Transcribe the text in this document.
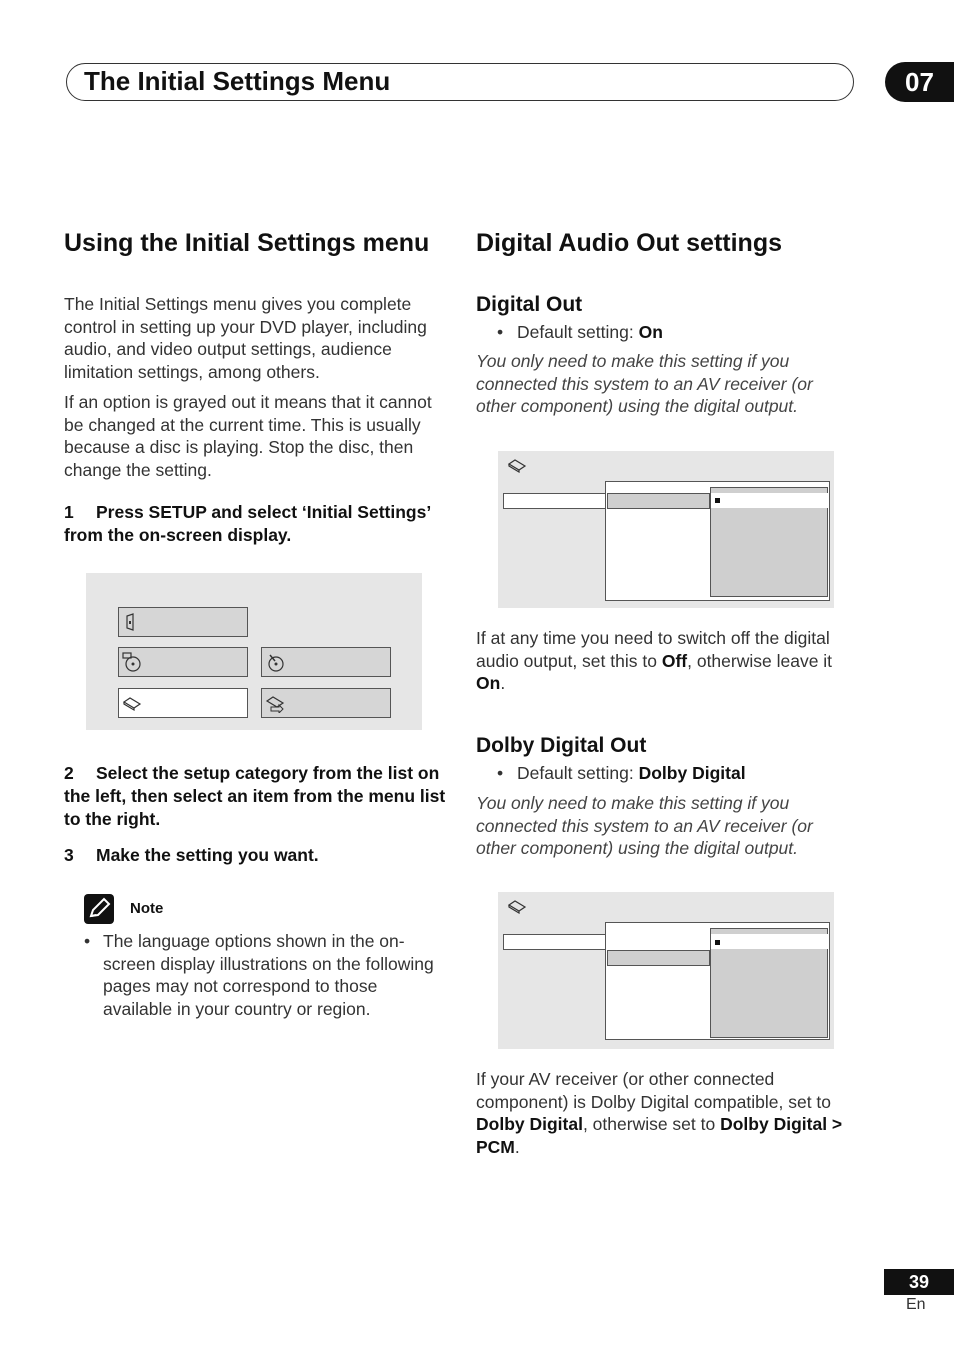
The Initial Settings Menu	07
Using the Initial Settings menu

The Initial Settings menu gives you complete control in setting up your DVD player, including audio, and video output settings, audience limitation settings, among others.

If an option is grayed out it means that it cannot be changed at the current time. This is usually because a disc is playing. Stop the disc, then change the setting.

1 Press SETUP and select ‘Initial Settings’ from the on-screen display.
2 Select the setup category from the list on the left, then select an item from the menu list to the right.
3 Make the setting you want.
Note
• The language options shown in the on-screen display illustrations on the following pages may not correspond to those available in your country or region.
Digital Audio Out settings
Digital Out
• Default setting: On

You only need to make this setting if you connected this system to an AV receiver (or other component) using the digital output.

If at any time you need to switch off the digital audio output, set this to Off, otherwise leave it On.

Dolby Digital Out
• Default setting: Dolby Digital

You only need to make this setting if you connected this system to an AV receiver (or other component) using the digital output.

If your AV receiver (or other connected component) is Dolby Digital compatible, set to Dolby Digital, otherwise set to Dolby Digital > PCM.

39
En
